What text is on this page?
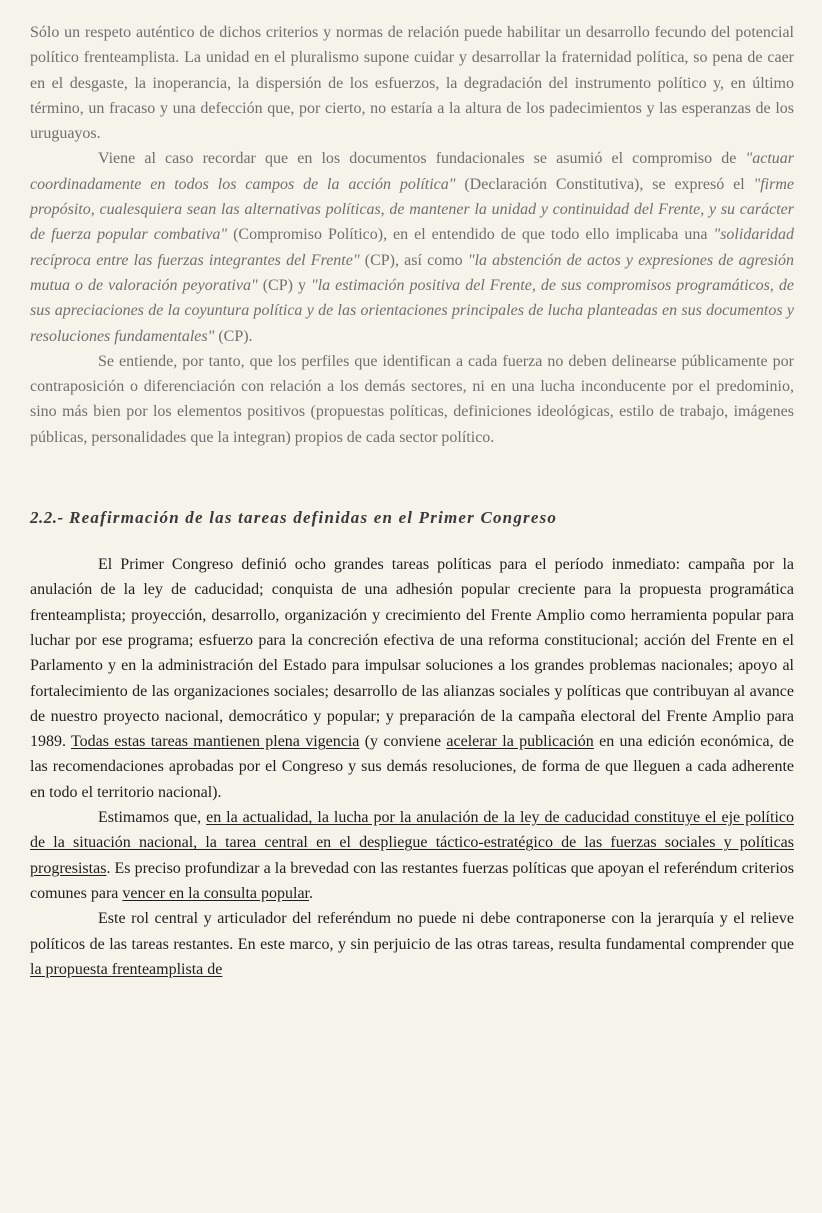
Sólo un respeto auténtico de dichos criterios y normas de relación puede habilitar un desarrollo fecundo del potencial político frenteamplista. La unidad en el pluralismo supone cuidar y desarrollar la fraternidad política, so pena de caer en el desgaste, la inoperancia, la dispersión de los esfuerzos, la degradación del instrumento político y, en último término, un fracaso y una defección que, por cierto, no estaría a la altura de los padecimientos y las esperanzas de los uruguayos.

Viene al caso recordar que en los documentos fundacionales se asumió el compromiso de "actuar coordinadamente en todos los campos de la acción política" (Declaración Constitutiva), se expresó el "firme propósito, cualesquiera sean las alternativas políticas, de mantener la unidad y continuidad del Frente, y su carácter de fuerza popular combativa" (Compromiso Político), en el entendido de que todo ello implicaba una "solidaridad recíproca entre las fuerzas integrantes del Frente" (CP), así como "la abstención de actos y expresiones de agresión mutua o de valoración peyorativa" (CP) y "la estimación positiva del Frente, de sus compromisos programáticos, de sus apreciaciones de la coyuntura política y de las orientaciones principales de lucha planteadas en sus documentos y resoluciones fundamentales" (CP).

Se entiende, por tanto, que los perfiles que identifican a cada fuerza no deben delinearse públicamente por contraposición o diferenciación con relación a los demás sectores, ni en una lucha inconducente por el predominio, sino más bien por los elementos positivos (propuestas políticas, definiciones ideológicas, estilo de trabajo, imágenes públicas, personalidades que la integran) propios de cada sector político.

2.2.- Reafirmación de las tareas definidas en el Primer Congreso

El Primer Congreso definió ocho grandes tareas políticas para el período inmediato: campaña por la anulación de la ley de caducidad; conquista de una adhesión popular creciente para la propuesta programática frenteamplista; proyección, desarrollo, organización y crecimiento del Frente Amplio como herramienta popular para luchar por ese programa; esfuerzo para la concreción efectiva de una reforma constitucional; acción del Frente en el Parlamento y en la administración del Estado para impulsar soluciones a los grandes problemas nacionales; apoyo al fortalecimiento de las organizaciones sociales; desarrollo de las alianzas sociales y políticas que contribuyan al avance de nuestro proyecto nacional, democrático y popular; y preparación de la campaña electoral del Frente Amplio para 1989. Todas estas tareas mantienen plena vigencia (y conviene acelerar la publicación en una edición económica, de las recomendaciones aprobadas por el Congreso y sus demás resoluciones, de forma de que lleguen a cada adherente en todo el territorio nacional).

Estimamos que, en la actualidad, la lucha por la anulación de la ley de caducidad constituye el eje político de la situación nacional, la tarea central en el despliegue táctico-estratégico de las fuerzas sociales y políticas progresistas. Es preciso profundizar a la brevedad con las restantes fuerzas políticas que apoyan el referéndum criterios comunes para vencer en la consulta popular.

Este rol central y articulador del referéndum no puede ni debe contraponerse con la jerarquía y el relieve políticos de las tareas restantes. En este marco, y sin perjuicio de las otras tareas, resulta fundamental comprender que la propuesta frenteamplista de
